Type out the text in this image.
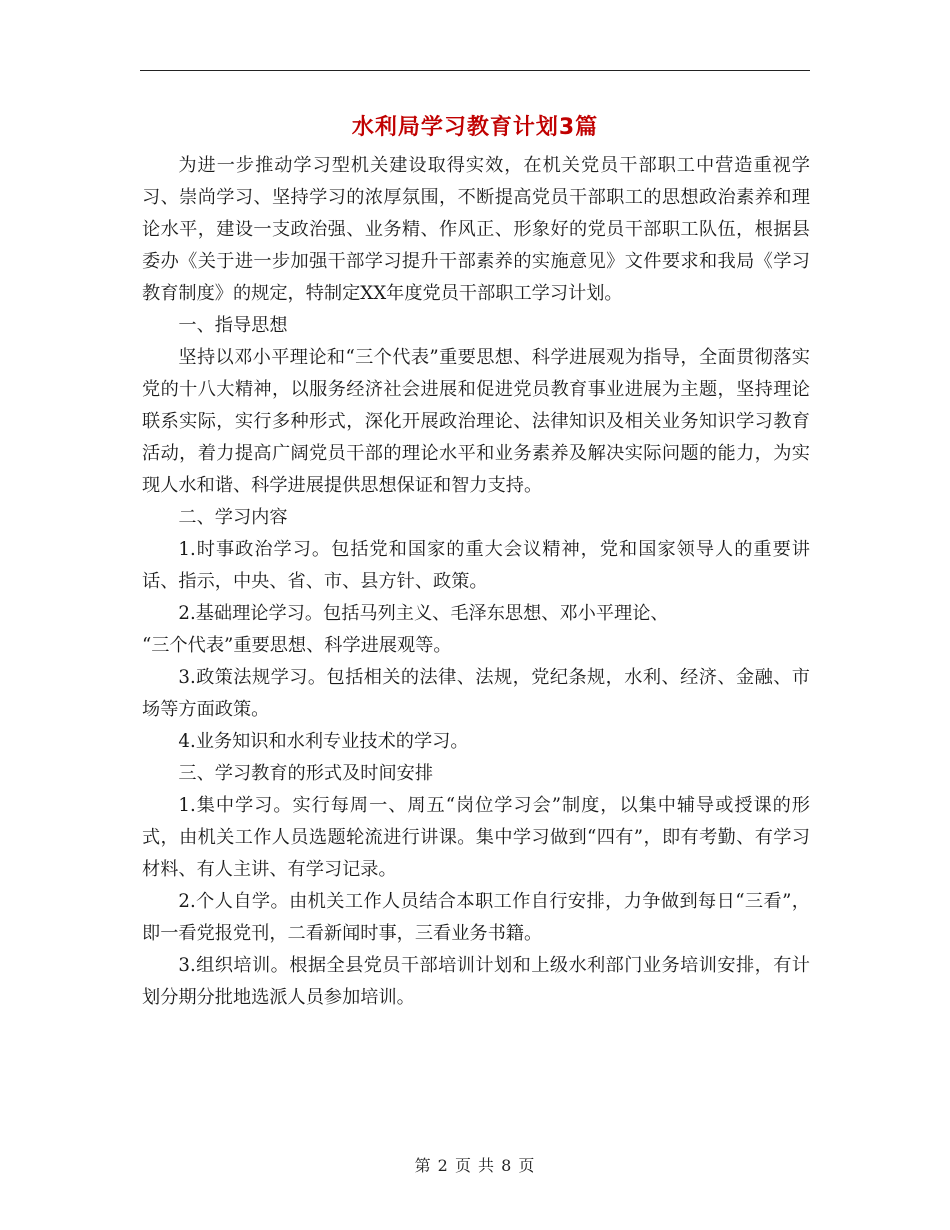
水利局学习教育计划3篇

为进一步推动学习型机关建设取得实效，在机关党员干部职工中营造重视学习、崇尚学习、坚持学习的浓厚氛围，不断提高党员干部职工的思想政治素养和理论水平，建设一支政治强、业务精、作风正、形象好的党员干部职工队伍，根据县委办《关于进一步加强干部学习提升干部素养的实施意见》文件要求和我局《学习教育制度》的规定，特制定XX年度党员干部职工学习计划。

一、指导思想

坚持以邓小平理论和“三个代表”重要思想、科学进展观为指导，全面贯彻落实党的十八大精神，以服务经济社会进展和促进党员教育事业进展为主题，坚持理论联系实际，实行多种形式，深化开展政治理论、法律知识及相关业务知识学习教育活动，着力提高广阔党员干部的理论水平和业务素养及解决实际问题的能力，为实现人水和谐、科学进展提供思想保证和智力支持。

二、学习内容

1.时事政治学习。包括党和国家的重大会议精神，党和国家领导人的重要讲话、指示，中央、省、市、县方针、政策。

2.基础理论学习。包括马列主义、毛泽东思想、邓小平理论、

“三个代表”重要思想、科学进展观等。

3.政策法规学习。包括相关的法律、法规，党纪条规，水利、经济、金融、市场等方面政策。

4.业务知识和水利专业技术的学习。

三、学习教育的形式及时间安排

1.集中学习。实行每周一、周五“岗位学习会”制度，以集中辅导或授课的形式，由机关工作人员选题轮流进行讲课。集中学习做到“四有”，即有考勤、有学习材料、有人主讲、有学习记录。

2.个人自学。由机关工作人员结合本职工作自行安排，力争做到每日“三看”，即一看党报党刊，二看新闻时事，三看业务书籍。

3.组织培训。根据全县党员干部培训计划和上级水利部门业务培训安排，有计划分期分批地选派人员参加培训。

第 2 页 共 8 页
